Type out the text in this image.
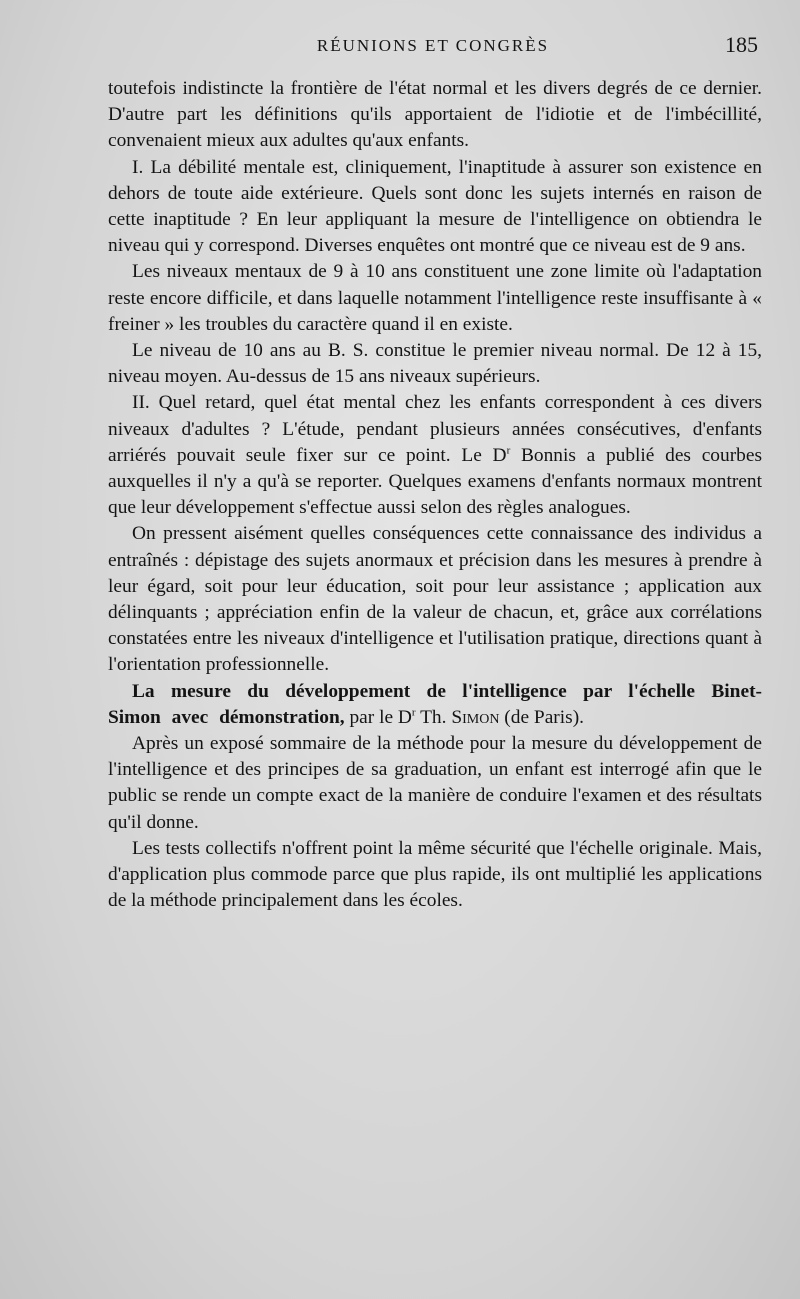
RÉUNIONS ET CONGRÈS	185

toutefois indistincte la frontière de l'état normal et les divers degrés de ce dernier. D'autre part les définitions qu'ils apportaient de l'idiotie et de l'imbécillité, convenaient mieux aux adultes qu'aux enfants.

I. La débilité mentale est, cliniquement, l'inaptitude à assurer son existence en dehors de toute aide extérieure. Quels sont donc les sujets internés en raison de cette inaptitude ? En leur appliquant la mesure de l'intelligence on obtiendra le niveau qui y correspond. Diverses enquêtes ont montré que ce niveau est de 9 ans.

Les niveaux mentaux de 9 à 10 ans constituent une zone limite où l'adaptation reste encore difficile, et dans laquelle notamment l'intelligence reste insuffisante à « freiner » les troubles du caractère quand il en existe.

Le niveau de 10 ans au B. S. constitue le premier niveau normal. De 12 à 15, niveau moyen. Au-dessus de 15 ans niveaux supérieurs.

II. Quel retard, quel état mental chez les enfants correspondent à ces divers niveaux d'adultes ? L'étude, pendant plusieurs années consécutives, d'enfants arriérés pouvait seule fixer sur ce point. Le $D^r$ Bonnis a publié des courbes auxquelles il n'y a qu'à se reporter. Quelques examens d'enfants normaux montrent que leur développement s'effectue aussi selon des règles analogues.

On pressent aisément quelles conséquences cette connaissance des individus a entraînés : dépistage des sujets anormaux et précision dans les mesures à prendre à leur égard, soit pour leur éducation, soit pour leur assistance ; application aux délinquants ; appréciation enfin de la valeur de chacun, et, grâce aux corrélations constatées entre les niveaux d'intelligence et l'utilisation pratique, directions quant à l'orientation professionnelle.

La mesure du développement de l'intelligence par l'échelle Binet-Simon avec démonstration, par le $D^r$ Th. Simon (de Paris).

Après un exposé sommaire de la méthode pour la mesure du développement de l'intelligence et des principes de sa graduation, un enfant est interrogé afin que le public se rende un compte exact de la manière de conduire l'examen et des résultats qu'il donne.

Les tests collectifs n'offrent point la même sécurité que l'échelle originale. Mais, d'application plus commode parce que plus rapide, ils ont multiplié les applications de la méthode principalement dans les écoles.
